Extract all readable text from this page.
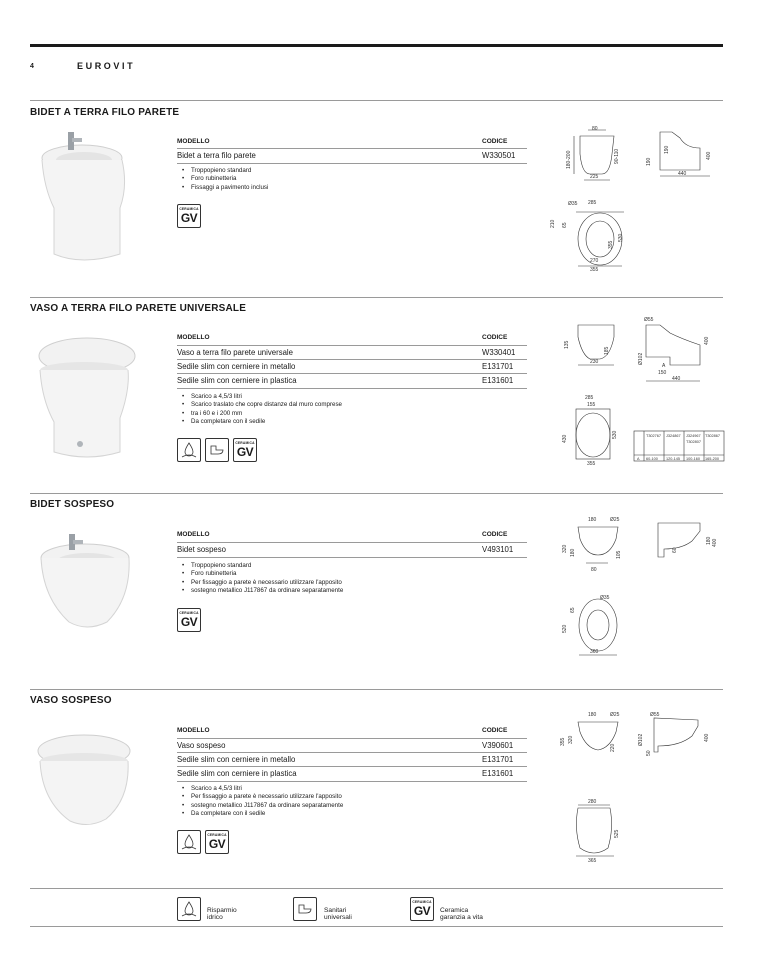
4	EUROVIT
BIDET A TERRA FILO PARETE
MODELLO	CODICE
Bidet a terra filo parete	W330501
• Troppopieno standard
• Foro rubinetteria
• Fissaggi a pavimento inclusi
CERAMICA
GV
80
180-200	90-110
225
190
190
400
440
Ø35 285
210 65
355
530
270
355
VASO A TERRA FILO PARETE UNIVERSALE
MODELLO	CODICE
Vaso a terra filo parete universale	W330401
Sedile slim con cerniere in metallo	E131701
Sedile slim con cerniere in plastica	E131601
• Scarico a 4,5/3 litri
• Scarico traslato che copre distanze dal muro comprese
• tra i 60 e i 200 mm
• Da completare con il sedile
CERAMICA
GV
135
185
230
Ø55
Ø102
400
A
150
440
285
155
430	530
355
T302767 J324867 J324967 T302867
T302807
A 60-100 120-145 100-160 165-200
BIDET SOSPESO
MODELLO	CODICE
Bidet sospeso	V493101
• Troppopieno standard
• Foro rubinetteria
• Per fissaggio a parete è necessario utilizzare l'apposito
• sostegno metallico J117867 da ordinare separatamente
CERAMICA
GV
180	Ø25
320 180	105
80
180
60
400
Ø35
65
520
360
VASO SOSPESO
MODELLO	CODICE
Vaso sospeso	V390601
Sedile slim con cerniere in metallo	E131701
Sedile slim con cerniere in plastica	E131601
• Scarico a 4,5/3 litri
• Per fissaggio a parete è necessario utilizzare l'apposito
• sostegno metallico J117867 da ordinare separatamente
• Da completare con il sedile
CERAMICA
GV
180	Ø25
355 320
220
Ø55
Ø102
50
400
280
525
365
Risparmio
idrico
Sanitari
universali
CERAMICA
GV	Ceramica
garanzia a vita
